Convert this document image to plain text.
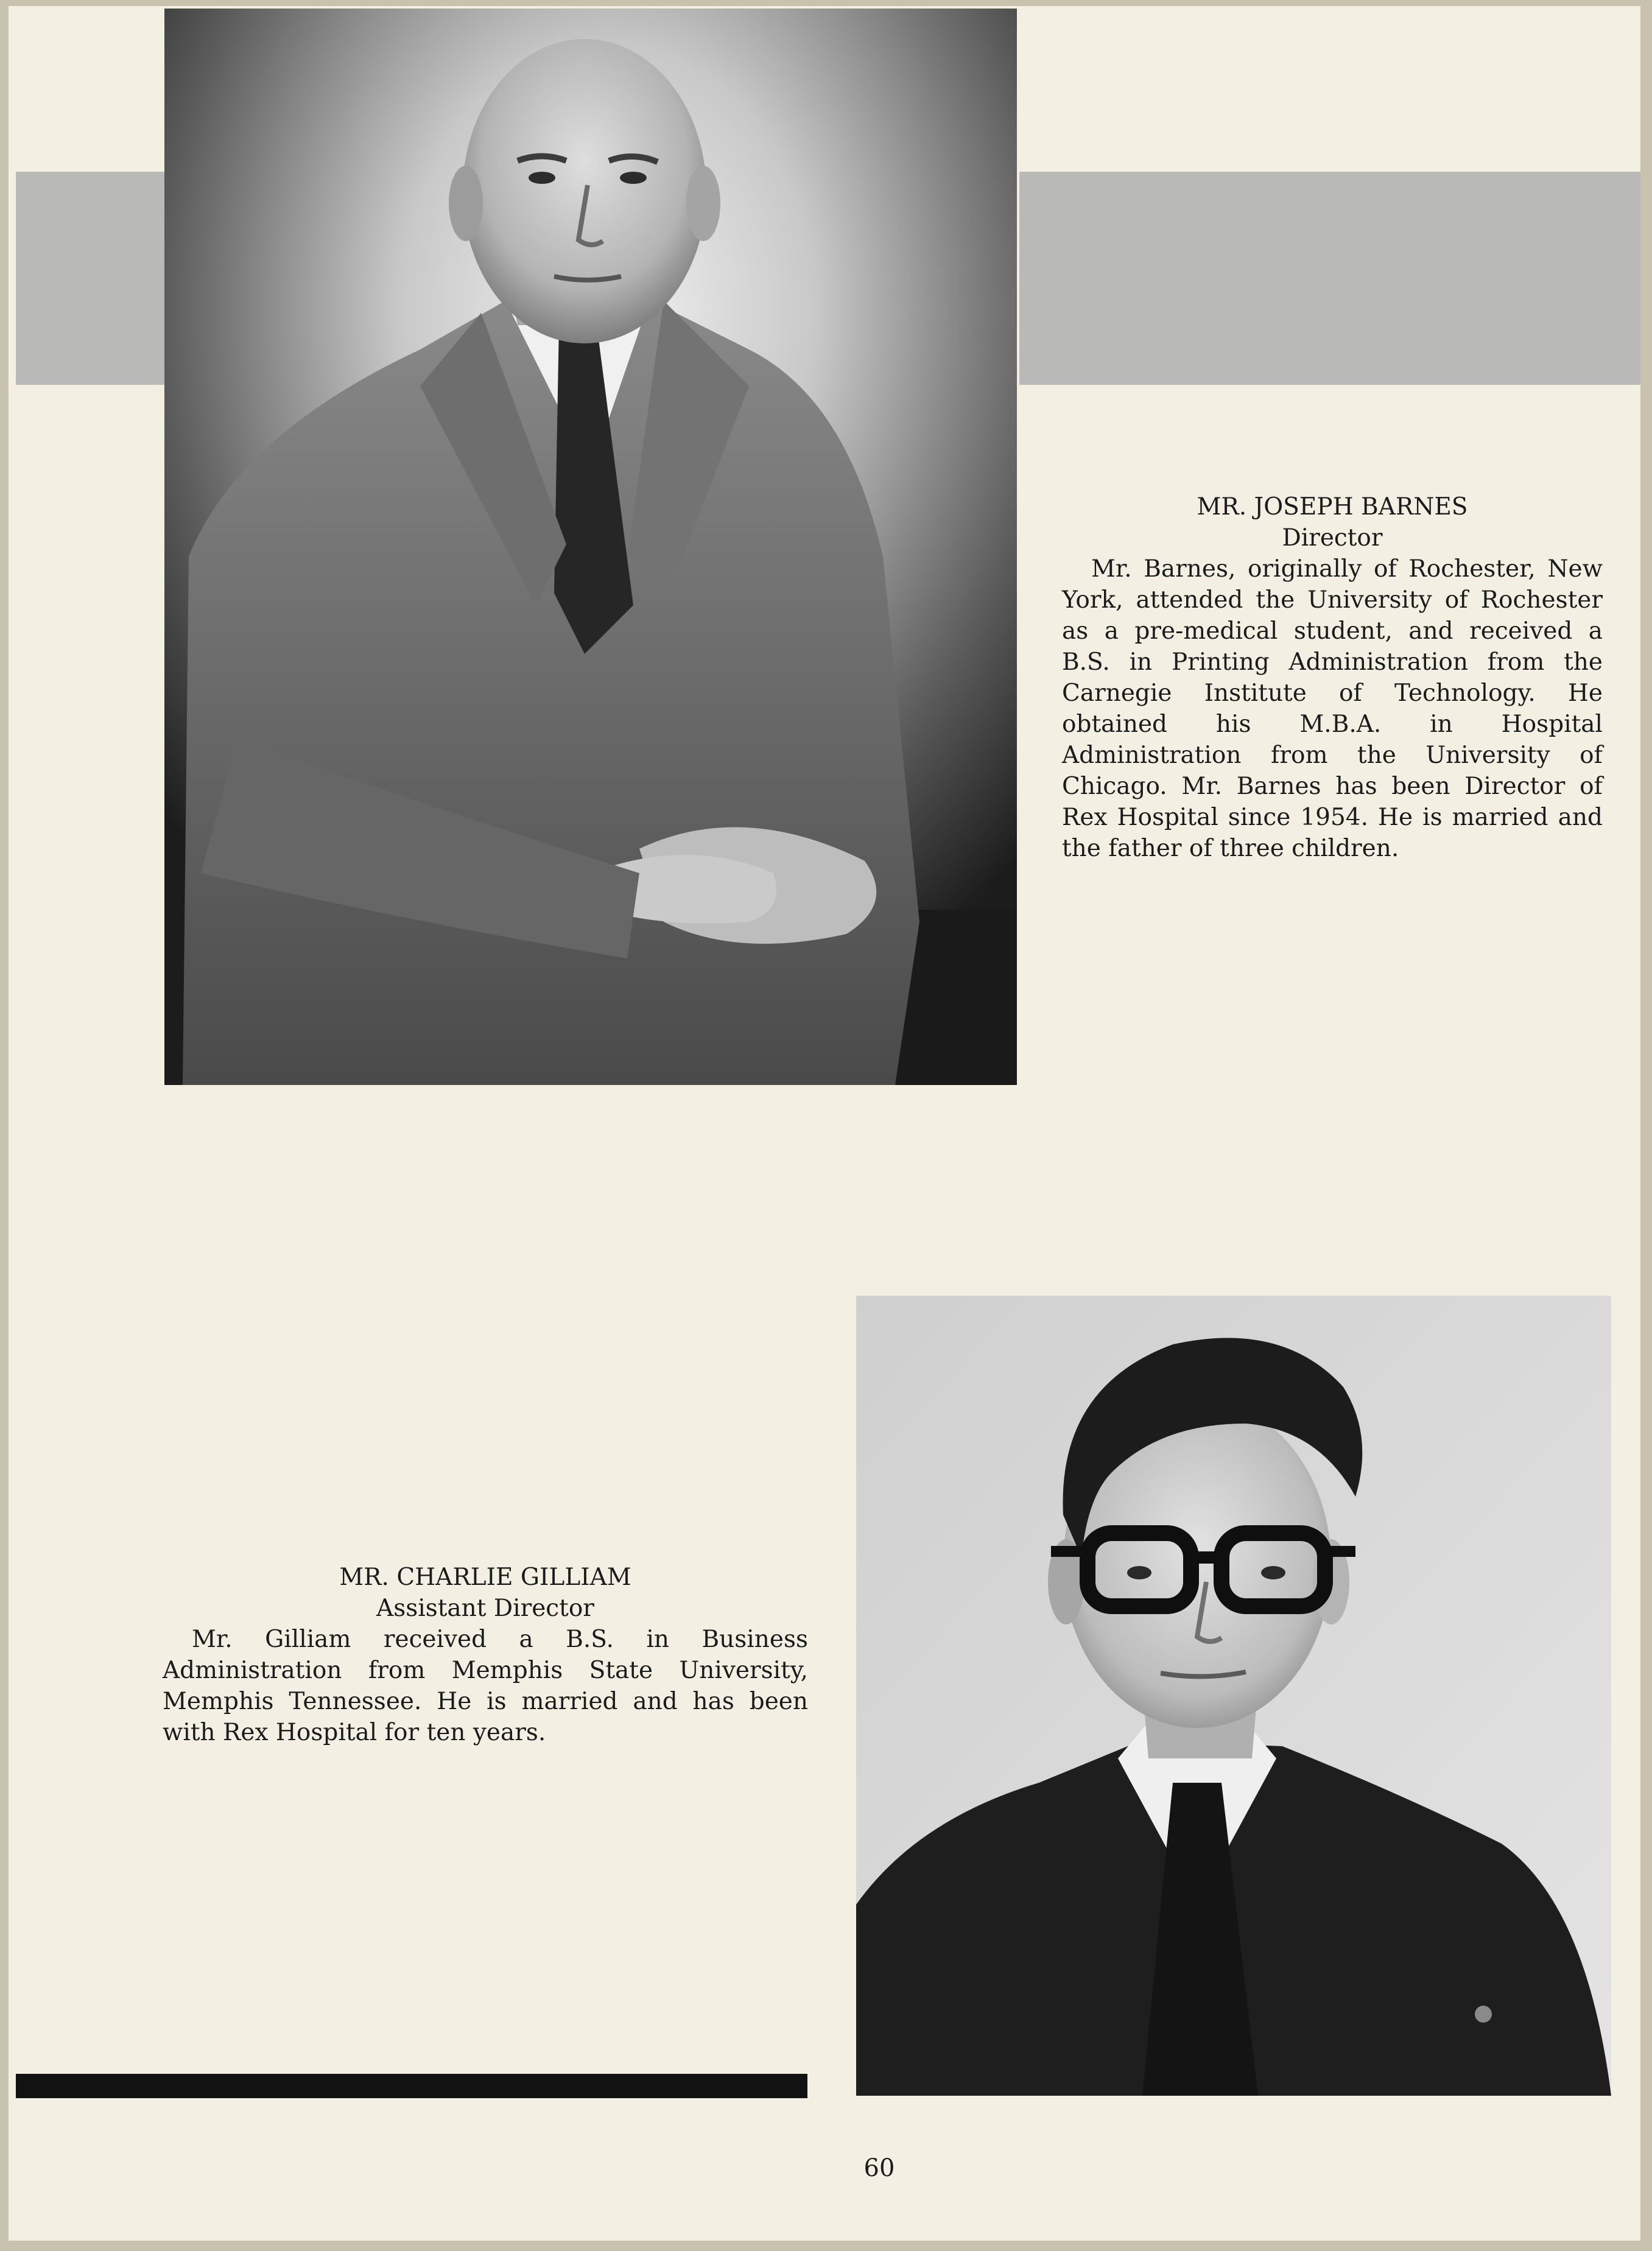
MR. JOSEPH BARNES
Director
Mr. Barnes, originally of Rochester, New York, attended the University of Rochester as a pre-medical student, and received a B.S. in Printing Administration from the Carnegie Institute of Technology. He obtained his M.B.A. in Hospital Administration from the University of Chicago. Mr. Barnes has been Director of Rex Hospital since 1954. He is married and the father of three children.
MR. CHARLIE GILLIAM
Assistant Director
Mr. Gilliam received a B.S. in Business Administration from Memphis State University, Memphis Tennessee. He is married and has been with Rex Hospital for ten years.
60
